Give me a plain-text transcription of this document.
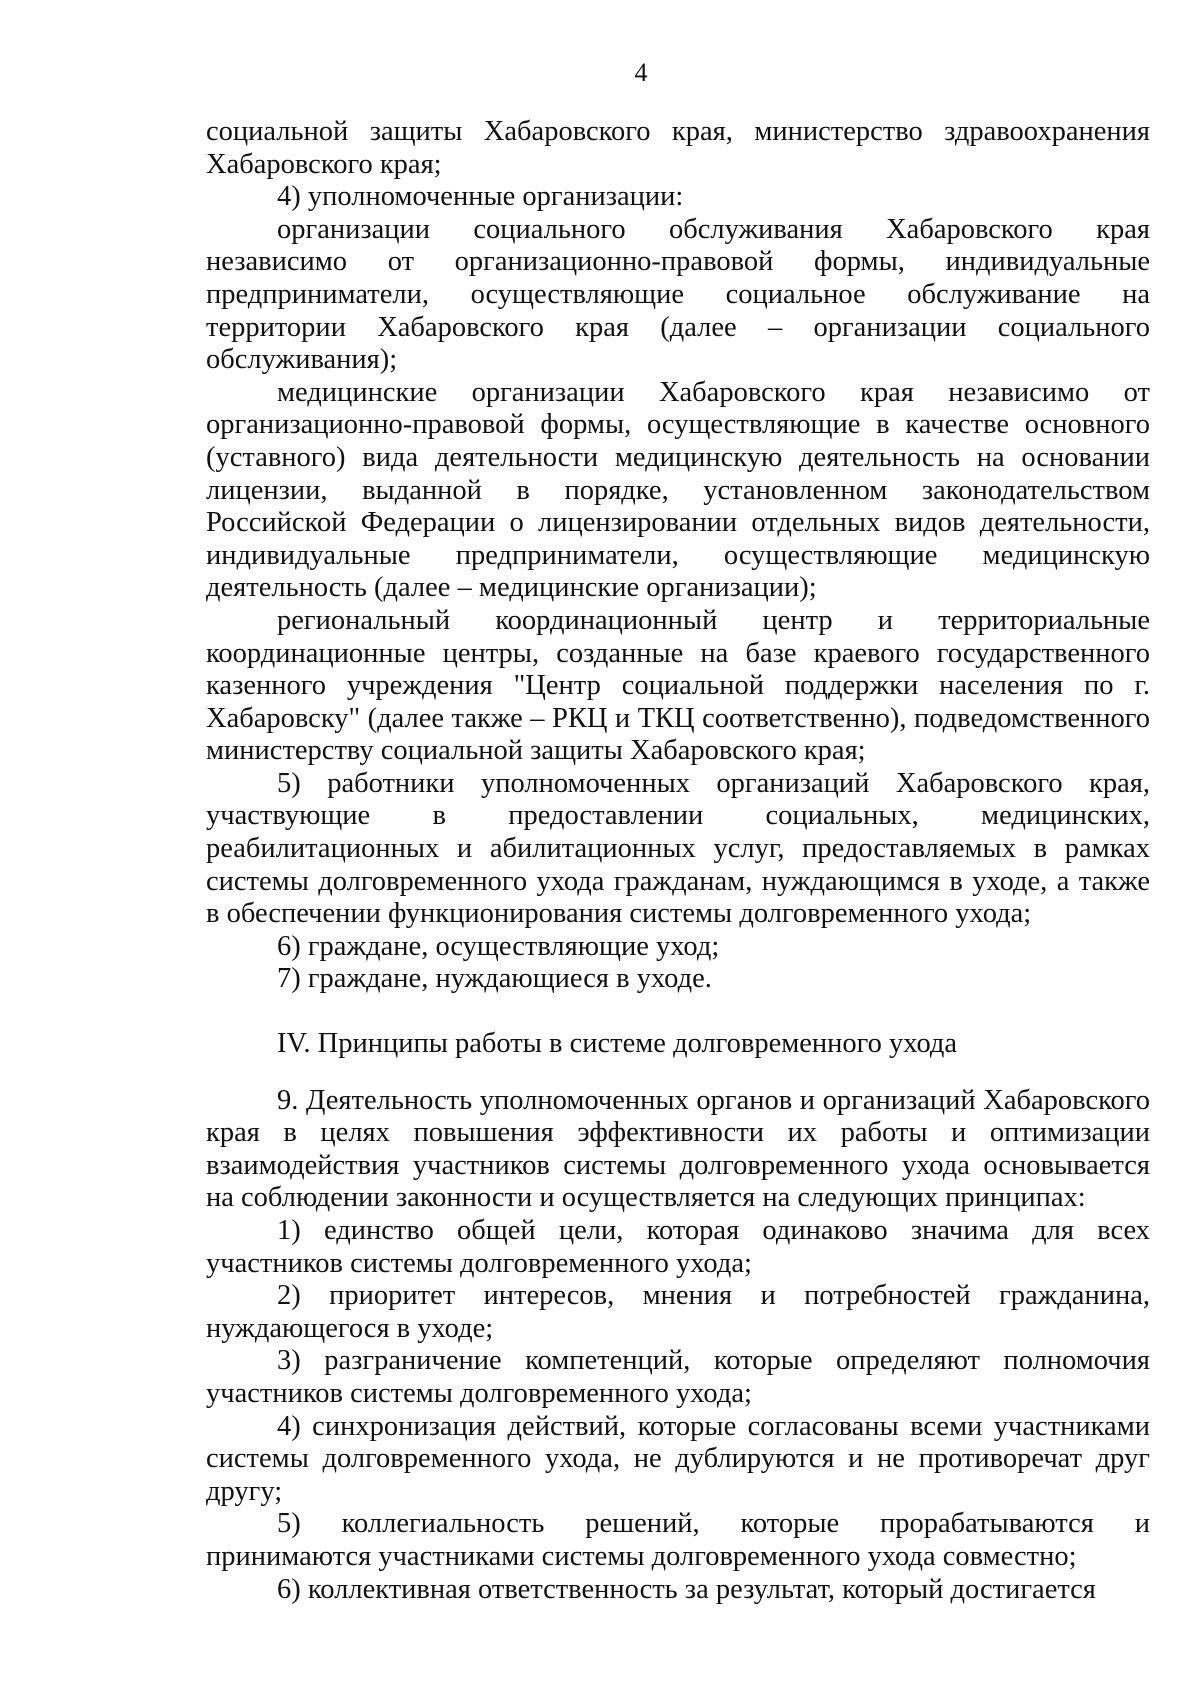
4

социальной защиты Хабаровского края, министерство здравоохранения Хабаровского края;

4) уполномоченные организации:

организации социального обслуживания Хабаровского края независимо от организационно-правовой формы, индивидуальные предприниматели, осуществляющие социальное обслуживание на территории Хабаровского края (далее – организации социального обслуживания);

медицинские организации Хабаровского края независимо от организационно-правовой формы, осуществляющие в качестве основного (уставного) вида деятельности медицинскую деятельность на основании лицензии, выданной в порядке, установленном законодательством Российской Федерации о лицензировании отдельных видов деятельности, индивидуальные предприниматели, осуществляющие медицинскую деятельность (далее – медицинские организации);

региональный координационный центр и территориальные координационные центры, созданные на базе краевого государственного казенного учреждения "Центр социальной поддержки населения по г. Хабаровску" (далее также – РКЦ и ТКЦ соответственно), подведомственного министерству социальной защиты Хабаровского края;

5) работники уполномоченных организаций Хабаровского края, участвующие в предоставлении социальных, медицинских, реабилитационных и абилитационных услуг, предоставляемых в рамках системы долговременного ухода гражданам, нуждающимся в уходе, а также в обеспечении функционирования системы долговременного ухода;

6) граждане, осуществляющие уход;

7) граждане, нуждающиеся в уходе.

IV. Принципы работы в системе долговременного ухода

9. Деятельность уполномоченных органов и организаций Хабаровского края в целях повышения эффективности их работы и оптимизации взаимодействия участников системы долговременного ухода основывается на соблюдении законности и осуществляется на следующих принципах:

1) единство общей цели, которая одинаково значима для всех участников системы долговременного ухода;

2) приоритет интересов, мнения и потребностей гражданина, нуждающегося в уходе;

3) разграничение компетенций, которые определяют полномочия участников системы долговременного ухода;

4) синхронизация действий, которые согласованы всеми участниками системы долговременного ухода, не дублируются и не противоречат друг другу;

5) коллегиальность решений, которые прорабатываются и принимаются участниками системы долговременного ухода совместно;

6) коллективная ответственность за результат, который достигается
